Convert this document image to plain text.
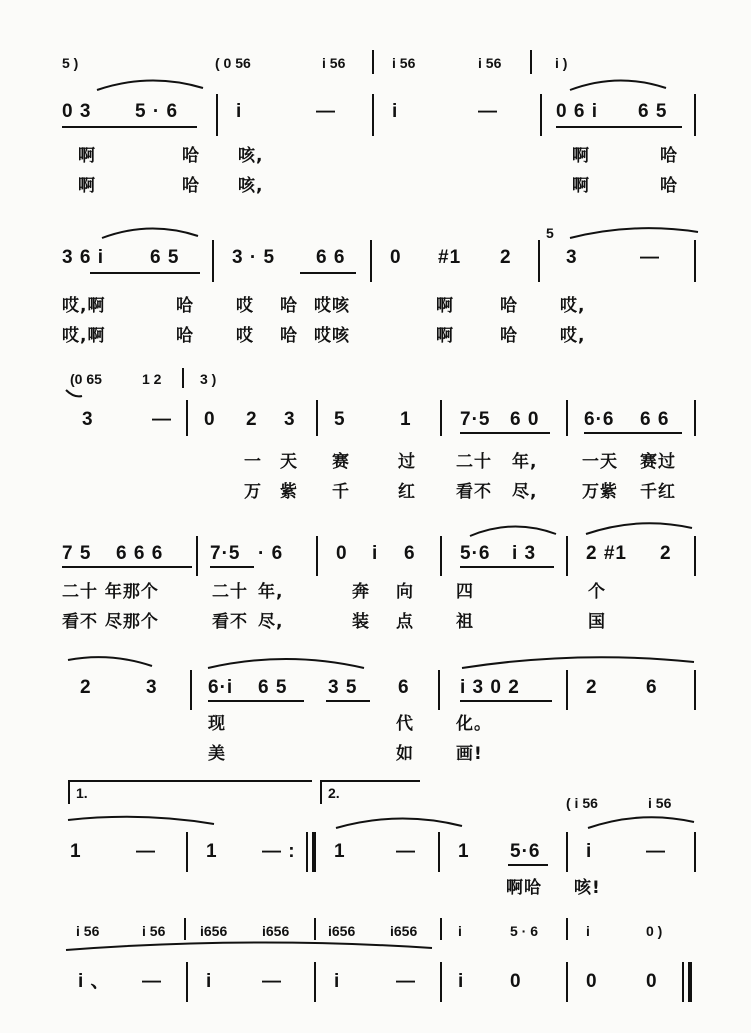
5 )	( 0 56	i 56	i 56	i 56	i )
0 3 5 · 6	i	—	i	—	0 6 i 6 5
啊	哈 咳,	啊	哈
啊	哈 咳,	啊	哈
5
3 6 i 6 5	3 · 5 6 6 0 #1 2	3	—
哎,啊	哈 哎 哈 哎咳	啊	哈 哎,
哎,啊	哈 哎 哈 哎咳	啊	哈 哎,
(0 65	1 2	3 )
3	— 0 2 3 5	1	7·5 6 0 6·6 6 6
一 天 赛	过 二十 年,	一天 赛过
万 紫 千	红 看不 尽,	万紫 千红
7 5 6 6 6 7·5 · 6	0 i 6 5·6 i 3	2 #1 2
二十 年那个	二十 年,	奔 向 四	个
看不 尽那个	看不 尽,	装 点 祖	国
2	3	6·i 6 5 3 5 6	i 3 0 2	2	6
现	代 化。
美	如 画!
1.	2.
( i 56	i 56
1	—	1 — : 1	— 1 5·6 i	—
啊哈 咳!
i 56	i 56 i656 i656	i656 i656	i	5 · 6	i	0 )
i 、 — i	—	i	— i 0	0	0
